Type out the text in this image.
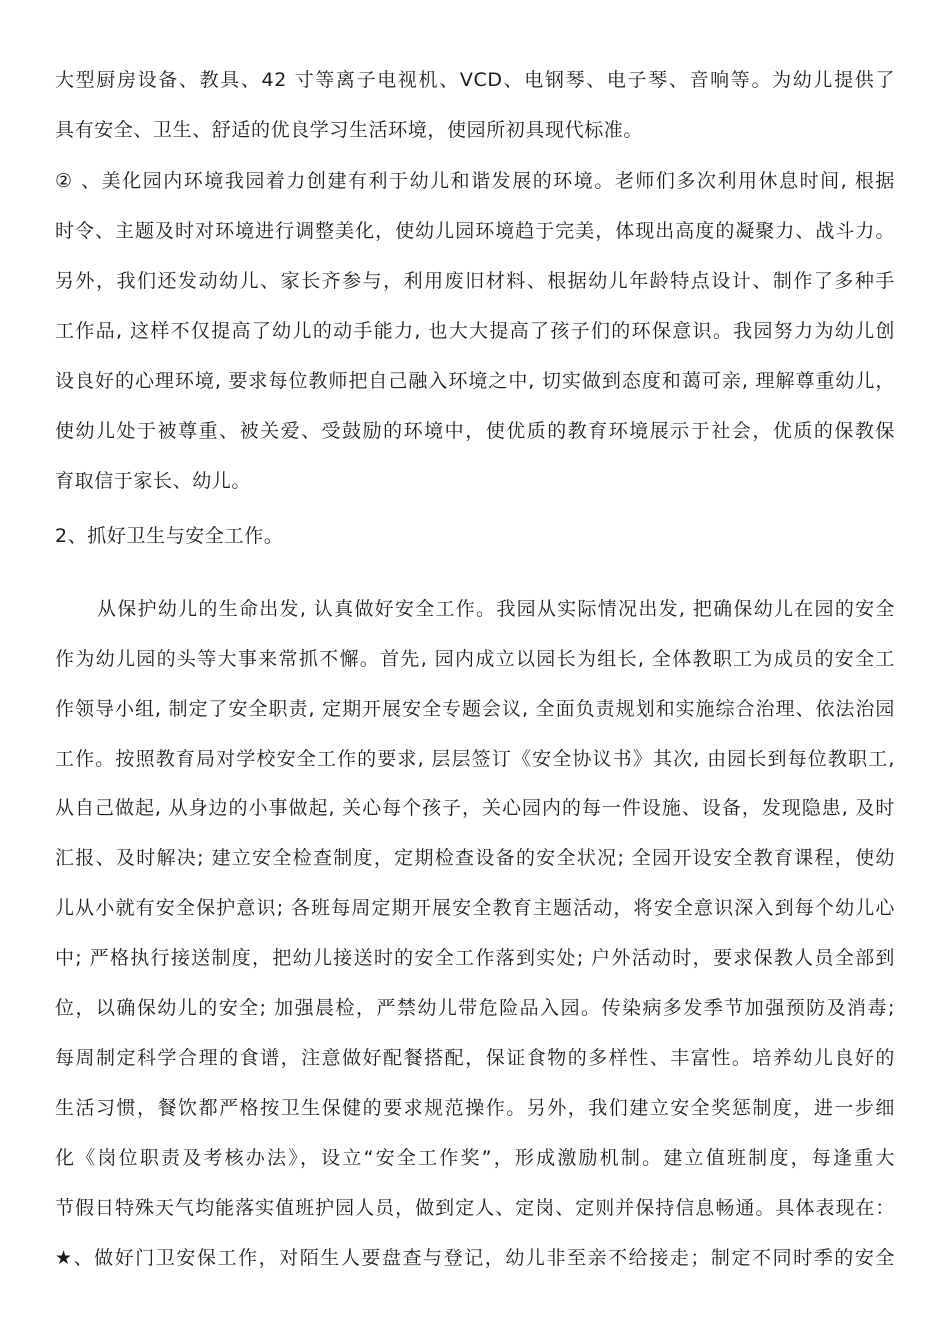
大型厨房设备、教具、42 寸等离子电视机、VCD、电钢琴、电子琴、音响等。为幼儿提供了
具有安全、卫生、舒适的优良学习生活环境，使园所初具现代标准。
② 、美化园内环境我园着力创建有利于幼儿和谐发展的环境。老师们多次利用休息时间, 根据
时令、主题及时对环境进行调整美化，使幼儿园环境趋于完美，体现出高度的凝聚力、战斗力。
另外，我们还发动幼儿、家长齐参与，利用废旧材料、根据幼儿年龄特点设计、制作了多种手
工作品, 这样不仅提高了幼儿的动手能力, 也大大提高了孩子们的环保意识。我园努力为幼儿创
设良好的心理环境, 要求每位教师把自己融入环境之中, 切实做到态度和蔼可亲, 理解尊重幼儿，
使幼儿处于被尊重、被关爱、受鼓励的环境中，使优质的教育环境展示于社会，优质的保教保
育取信于家长、幼儿。
2、抓好卫生与安全工作。
从保护幼儿的生命出发, 认真做好安全工作。我园从实际情况出发, 把确保幼儿在园的安全
作为幼儿园的头等大事来常抓不懈。首先, 园内成立以园长为组长, 全体教职工为成员的安全工
作领导小组, 制定了安全职责, 定期开展安全专题会议, 全面负责规划和实施综合治理、依法治园
工作。按照教育局对学校安全工作的要求, 层层签订《安全协议书》其次, 由园长到每位教职工,
从自己做起, 从身边的小事做起, 关心每个孩子，关心园内的每一件设施、设备，发现隐患, 及时
汇报、及时解决; 建立安全检查制度，定期检查设备的安全状况; 全园开设安全教育课程，使幼
儿从小就有安全保护意识; 各班每周定期开展安全教育主题活动，将安全意识深入到每个幼儿心
中; 严格执行接送制度，把幼儿接送时的安全工作落到实处; 户外活动时，要求保教人员全部到
位，以确保幼儿的安全; 加强晨检，严禁幼儿带危险品入园。传染病多发季节加强预防及消毒;
每周制定科学合理的食谱，注意做好配餐搭配，保证食物的多样性、丰富性。培养幼儿良好的
生活习惯，餐饮都严格按卫生保健的要求规范操作。另外，我们建立安全奖惩制度，进一步细
化《岗位职责及考核办法》，设立“安全工作奖”，形成激励机制。建立值班制度，每逢重大
节假日特殊天气均能落实值班护园人员，做到定人、定岗、定则并保持信息畅通。具体表现在：
★、做好门卫安保工作，对陌生人要盘查与登记，幼儿非至亲不给接走；制定不同时季的安全
